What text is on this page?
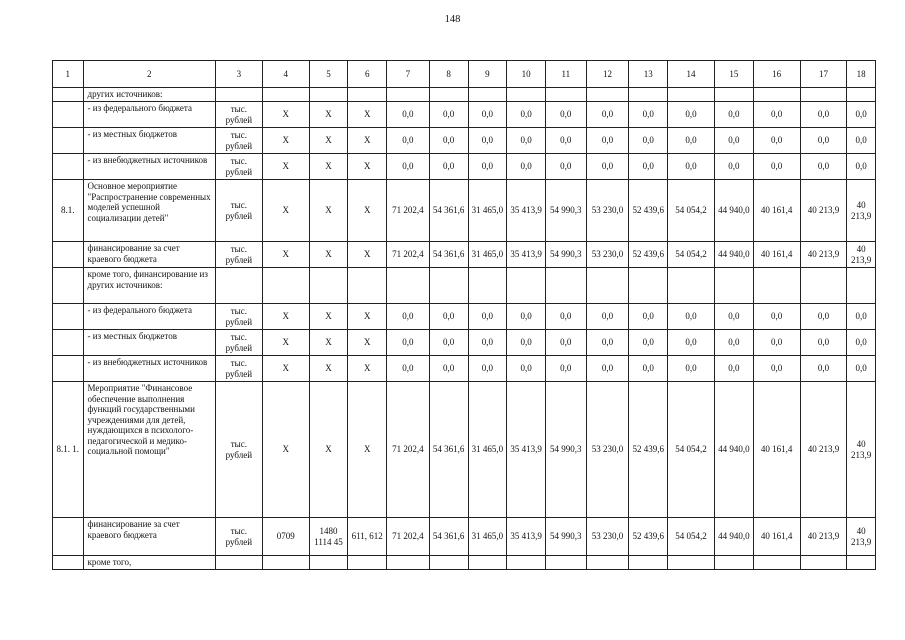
148
1	2	3	4	5	6	7	8	9	10	11	12	13	14	15	16	17	18
	других источников:																
	- из федерального бюджета	тыс. рублей	X	X	X	0,0	0,0	0,0	0,0	0,0	0,0	0,0	0,0	0,0	0,0	0,0	0,0
	- из местных бюджетов	тыс. рублей	X	X	X	0,0	0,0	0,0	0,0	0,0	0,0	0,0	0,0	0,0	0,0	0,0	0,0
	- из внебюджетных источников	тыс. рублей	X	X	X	0,0	0,0	0,0	0,0	0,0	0,0	0,0	0,0	0,0	0,0	0,0	0,0
8.1.	Основное мероприятие "Распространение современных моделей успешной социализации детей"	тыс. рублей	X	X	X	71 202,4	54 361,6	31 465,0	35 413,9	54 990,3	53 230,0	52 439,6	54 054,2	44 940,0	40 161,4	40 213,9	40 213,9
	финансирование за счет краевого бюджета	тыс. рублей	X	X	X	71 202,4	54 361,6	31 465,0	35 413,9	54 990,3	53 230,0	52 439,6	54 054,2	44 940,0	40 161,4	40 213,9	40 213,9
	кроме того, финансирование из других источников:																
	- из федерального бюджета	тыс. рублей	X	X	X	0,0	0,0	0,0	0,0	0,0	0,0	0,0	0,0	0,0	0,0	0,0	0,0
	- из местных бюджетов	тыс. рублей	X	X	X	0,0	0,0	0,0	0,0	0,0	0,0	0,0	0,0	0,0	0,0	0,0	0,0
	- из внебюджетных источников	тыс. рублей	X	X	X	0,0	0,0	0,0	0,0	0,0	0,0	0,0	0,0	0,0	0,0	0,0	0,0
8.1. 1.	Мероприятие "Финансовое обеспечение выполнения функций государственными учреждениями для детей, нуждающихся в психолого-педагогической и медико-социальной помощи"	тыс. рублей	X	X	X	71 202,4	54 361,6	31 465,0	35 413,9	54 990,3	53 230,0	52 439,6	54 054,2	44 940,0	40 161,4	40 213,9	40 213,9
	финансирование за счет краевого бюджета	тыс. рублей	0709	1480 1114 45	611, 612	71 202,4	54 361,6	31 465,0	35 413,9	54 990,3	53 230,0	52 439,6	54 054,2	44 940,0	40 161,4	40 213,9	40 213,9
	кроме того,																
